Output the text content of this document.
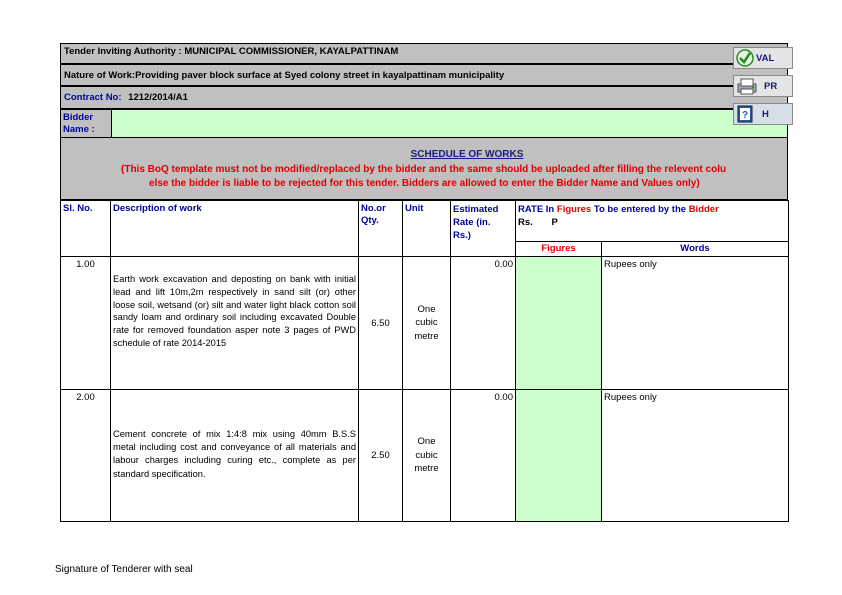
Tender Inviting Authority : MUNICIPAL COMMISSIONER, KAYALPATTINAM
Nature of Work:Providing paver block surface at Syed colony street in kayalpattinam municipality
Contract No: 1212/2014/A1
Bidder
Name :
VAL
PR
? H
SCHEDULE OF WORKS
(This BoQ template must not be modified/replaced by the bidder and the same should be uploaded after filling the relevent colu
else the bidder is liable to be rejected for this tender. Bidders are allowed to enter the Bidder Name and Values only)
Sl. No.	Description of work	No.or Qty.	Unit	Estimated Rate (in. Rs.)	RATE In Figures To be entered by the Bidder
Rs. P	

					Figures	Words
1.00	Earth work excavation and deposting on bank with initial lead and lift 10m,2m respectively in sand silt (or) other loose soil, wetsand (or) silt and water light black cotton soil sandy loam and ordinary soil including excavated Double rate for removed foundation asper note 3 pages of PWD schedule of rate 2014-2015	6.50	One cubic metre	0.00		Rupees only
2.00	Cement concrete of mix 1:4:8 mix using 40mm B.S.S metal including cost and conveyance of all materials and labour charges including curing etc., complete as per standard specification.	2.50	One cubic metre	0.00		Rupees only
Signature of Tenderer with seal
